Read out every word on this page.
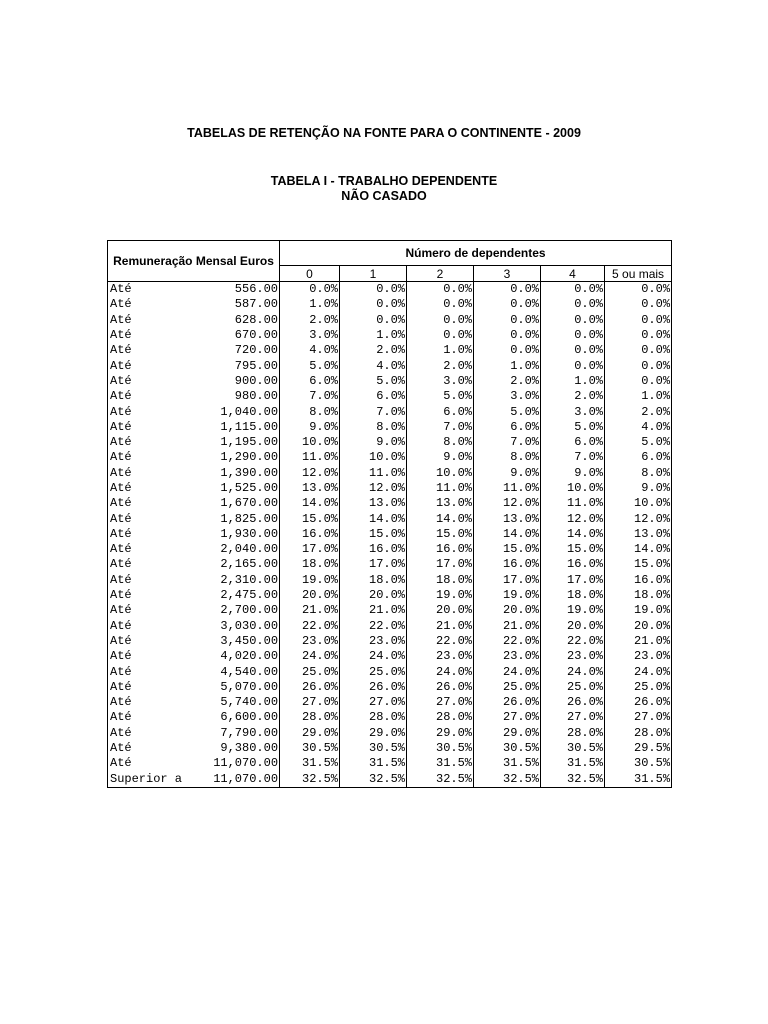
TABELAS DE RETENÇÃO NA FONTE PARA O CONTINENTE - 2009
TABELA I - TRABALHO DEPENDENTE
NÃO CASADO
Remuneração Mensal Euros		Número de dependentes					
		0	1	2	3	4	5 ou mais
Até	556.00	0.0%	0.0%	0.0%	0.0%	0.0%	0.0%
Até	587.00	1.0%	0.0%	0.0%	0.0%	0.0%	0.0%
Até	628.00	2.0%	0.0%	0.0%	0.0%	0.0%	0.0%
Até	670.00	3.0%	1.0%	0.0%	0.0%	0.0%	0.0%
Até	720.00	4.0%	2.0%	1.0%	0.0%	0.0%	0.0%
Até	795.00	5.0%	4.0%	2.0%	1.0%	0.0%	0.0%
Até	900.00	6.0%	5.0%	3.0%	2.0%	1.0%	0.0%
Até	980.00	7.0%	6.0%	5.0%	3.0%	2.0%	1.0%
Até	1,040.00	8.0%	7.0%	6.0%	5.0%	3.0%	2.0%
Até	1,115.00	9.0%	8.0%	7.0%	6.0%	5.0%	4.0%
Até	1,195.00	10.0%	9.0%	8.0%	7.0%	6.0%	5.0%
Até	1,290.00	11.0%	10.0%	9.0%	8.0%	7.0%	6.0%
Até	1,390.00	12.0%	11.0%	10.0%	9.0%	9.0%	8.0%
Até	1,525.00	13.0%	12.0%	11.0%	11.0%	10.0%	9.0%
Até	1,670.00	14.0%	13.0%	13.0%	12.0%	11.0%	10.0%
Até	1,825.00	15.0%	14.0%	14.0%	13.0%	12.0%	12.0%
Até	1,930.00	16.0%	15.0%	15.0%	14.0%	14.0%	13.0%
Até	2,040.00	17.0%	16.0%	16.0%	15.0%	15.0%	14.0%
Até	2,165.00	18.0%	17.0%	17.0%	16.0%	16.0%	15.0%
Até	2,310.00	19.0%	18.0%	18.0%	17.0%	17.0%	16.0%
Até	2,475.00	20.0%	20.0%	19.0%	19.0%	18.0%	18.0%
Até	2,700.00	21.0%	21.0%	20.0%	20.0%	19.0%	19.0%
Até	3,030.00	22.0%	22.0%	21.0%	21.0%	20.0%	20.0%
Até	3,450.00	23.0%	23.0%	22.0%	22.0%	22.0%	21.0%
Até	4,020.00	24.0%	24.0%	23.0%	23.0%	23.0%	23.0%
Até	4,540.00	25.0%	25.0%	24.0%	24.0%	24.0%	24.0%
Até	5,070.00	26.0%	26.0%	26.0%	25.0%	25.0%	25.0%
Até	5,740.00	27.0%	27.0%	27.0%	26.0%	26.0%	26.0%
Até	6,600.00	28.0%	28.0%	28.0%	27.0%	27.0%	27.0%
Até	7,790.00	29.0%	29.0%	29.0%	29.0%	28.0%	28.0%
Até	9,380.00	30.5%	30.5%	30.5%	30.5%	30.5%	29.5%
Até	11,070.00	31.5%	31.5%	31.5%	31.5%	31.5%	30.5%
Superior a	11,070.00	32.5%	32.5%	32.5%	32.5%	32.5%	31.5%
